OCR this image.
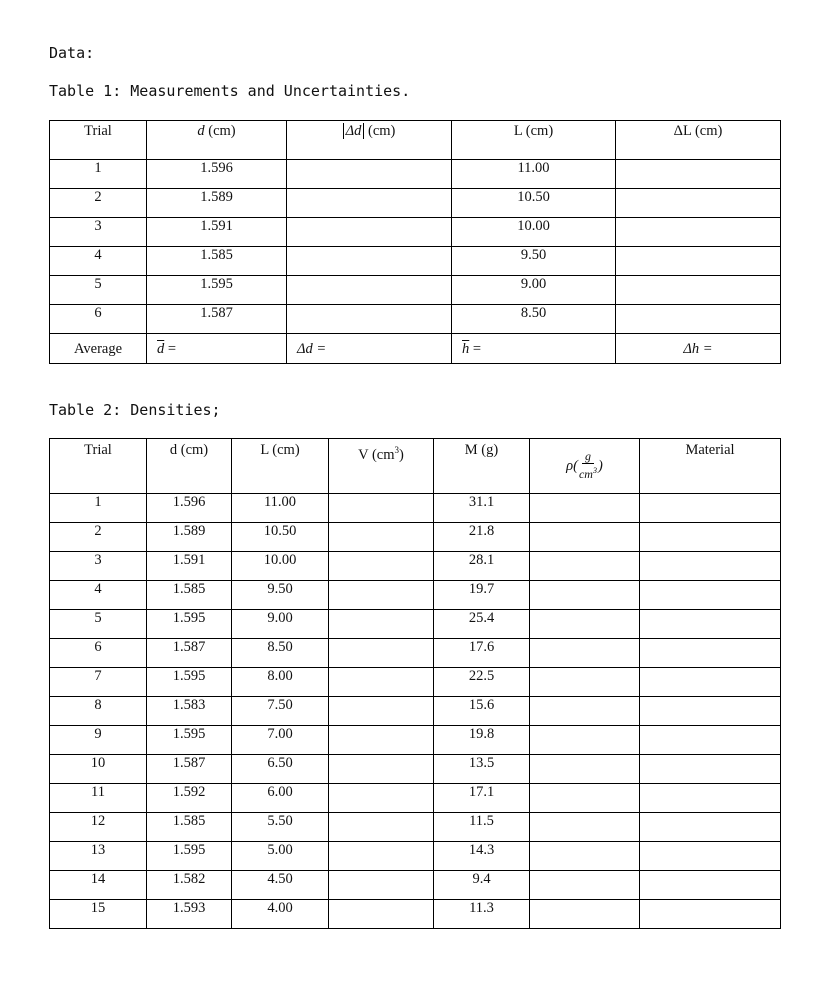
Data:
Table 1: Measurements and Uncertainties.
Trial	d (cm)	Δd (cm)	L (cm)	ΔL (cm)
1	1.596		11.00	
2	1.589		10.50	
3	1.591		10.00	
4	1.585		9.50	
5	1.595		9.00	
6	1.587		8.50	
Average	$\overline{d}$ =	Δd =	$\overline{h}$ =	Δh =
Table 2: Densities;
Trial	d (cm)	L (cm)	V $(cm^3)$	M (g)	$\rho( \frac{g}{cm^3}$ )	Material
1	1.596	11.00		31.1		
2	1.589	10.50		21.8		
3	1.591	10.00		28.1		
4	1.585	9.50		19.7		
5	1.595	9.00		25.4		
6	1.587	8.50		17.6		
7	1.595	8.00		22.5		
8	1.583	7.50		15.6		
9	1.595	7.00		19.8		
10	1.587	6.50		13.5		
11	1.592	6.00		17.1		
12	1.585	5.50		11.5		
13	1.595	5.00		14.3		
14	1.582	4.50		9.4		
15	1.593	4.00		11.3		
